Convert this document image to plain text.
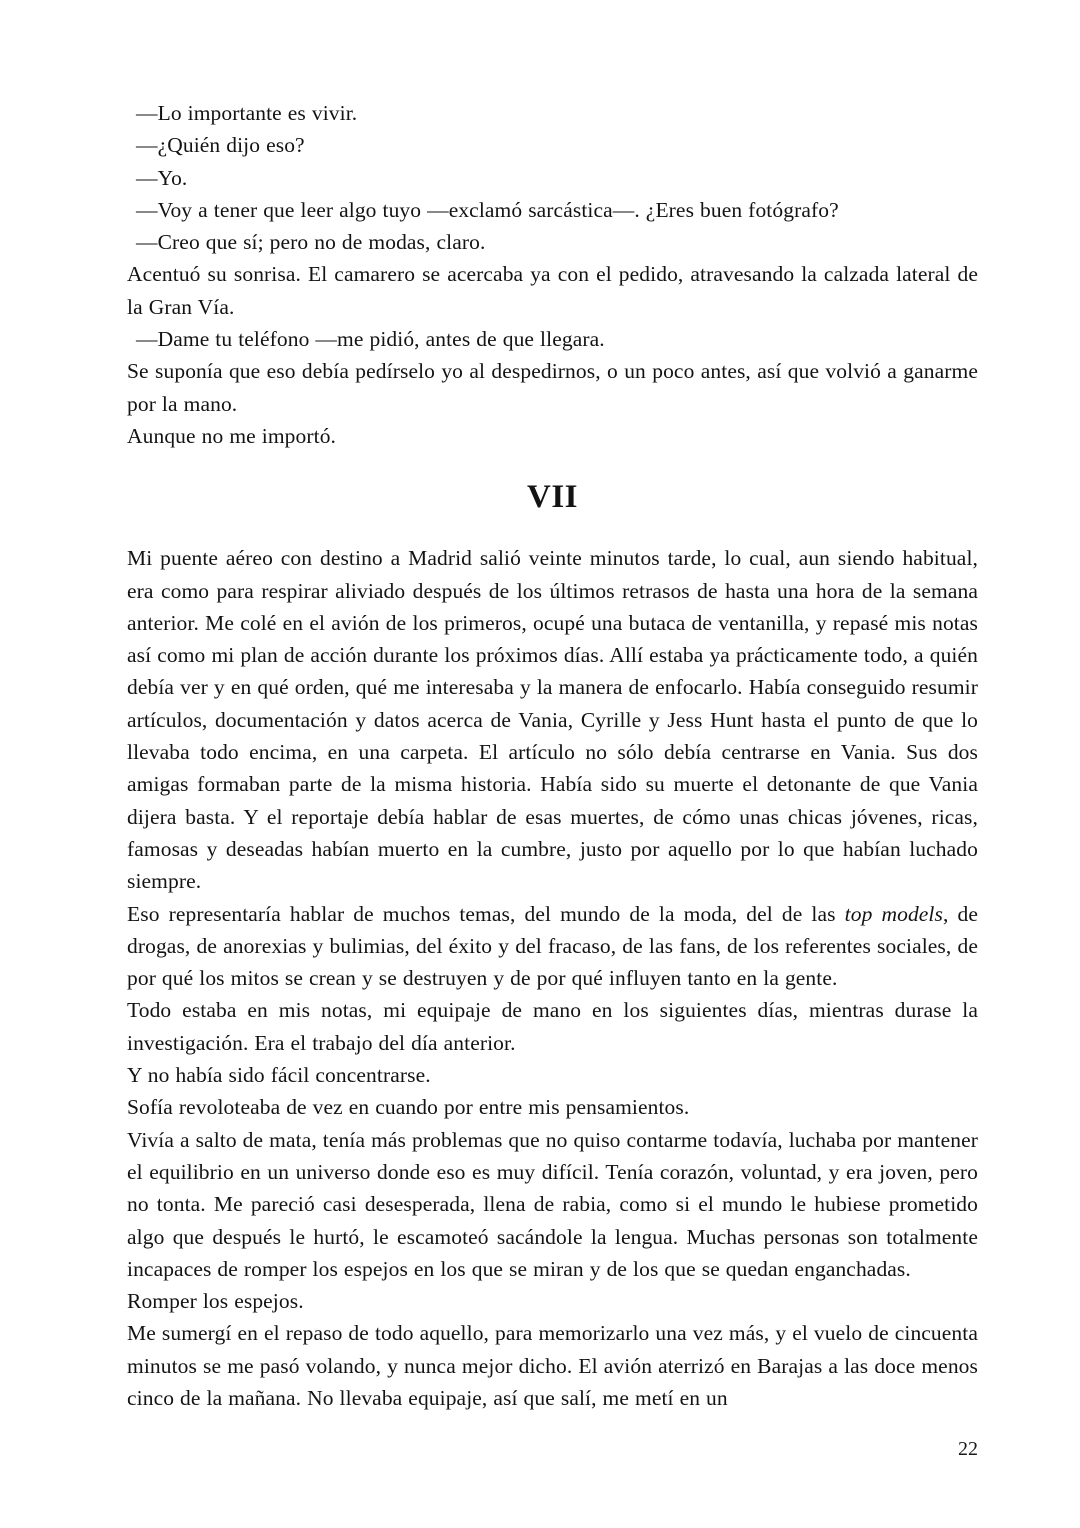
—Lo importante es vivir.

—¿Quién dijo eso?

—Yo.

—Voy a tener que leer algo tuyo —exclamó sarcástica—. ¿Eres buen fotógrafo?

—Creo que sí; pero no de modas, claro.

Acentuó su sonrisa. El camarero se acercaba ya con el pedido, atravesando la calzada lateral de la Gran Vía.

—Dame tu teléfono —me pidió, antes de que llegara.

Se suponía que eso debía pedírselo yo al despedirnos, o un poco antes, así que volvió a ganarme por la mano.

Aunque no me importó.

VII

Mi puente aéreo con destino a Madrid salió veinte minutos tarde, lo cual, aun siendo habitual, era como para respirar aliviado después de los últimos retrasos de hasta una hora de la semana anterior. Me colé en el avión de los primeros, ocupé una butaca de ventanilla, y repasé mis notas así como mi plan de acción durante los próximos días. Allí estaba ya prácticamente todo, a quién debía ver y en qué orden, qué me interesaba y la manera de enfocarlo. Había conseguido resumir artículos, documentación y datos acerca de Vania, Cyrille y Jess Hunt hasta el punto de que lo llevaba todo encima, en una carpeta. El artículo no sólo debía centrarse en Vania. Sus dos amigas formaban parte de la misma historia. Había sido su muerte el detonante de que Vania dijera basta. Y el reportaje debía hablar de esas muertes, de cómo unas chicas jóvenes, ricas, famosas y deseadas habían muerto en la cumbre, justo por aquello por lo que habían luchado siempre.

Eso representaría hablar de muchos temas, del mundo de la moda, del de las top models, de drogas, de anorexias y bulimias, del éxito y del fracaso, de las fans, de los referentes sociales, de por qué los mitos se crean y se destruyen y de por qué influyen tanto en la gente.

Todo estaba en mis notas, mi equipaje de mano en los siguientes días, mientras durase la investigación. Era el trabajo del día anterior.

Y no había sido fácil concentrarse.

Sofía revoloteaba de vez en cuando por entre mis pensamientos.

Vivía a salto de mata, tenía más problemas que no quiso contarme todavía, luchaba por mantener el equilibrio en un universo donde eso es muy difícil. Tenía corazón, voluntad, y era joven, pero no tonta. Me pareció casi desesperada, llena de rabia, como si el mundo le hubiese prometido algo que después le hurtó, le escamoteó sacándole la lengua. Muchas personas son totalmente incapaces de romper los espejos en los que se miran y de los que se quedan enganchadas.

Romper los espejos.

Me sumergí en el repaso de todo aquello, para memorizarlo una vez más, y el vuelo de cincuenta minutos se me pasó volando, y nunca mejor dicho. El avión aterrizó en Barajas a las doce menos cinco de la mañana. No llevaba equipaje, así que salí, me metí en un

22
